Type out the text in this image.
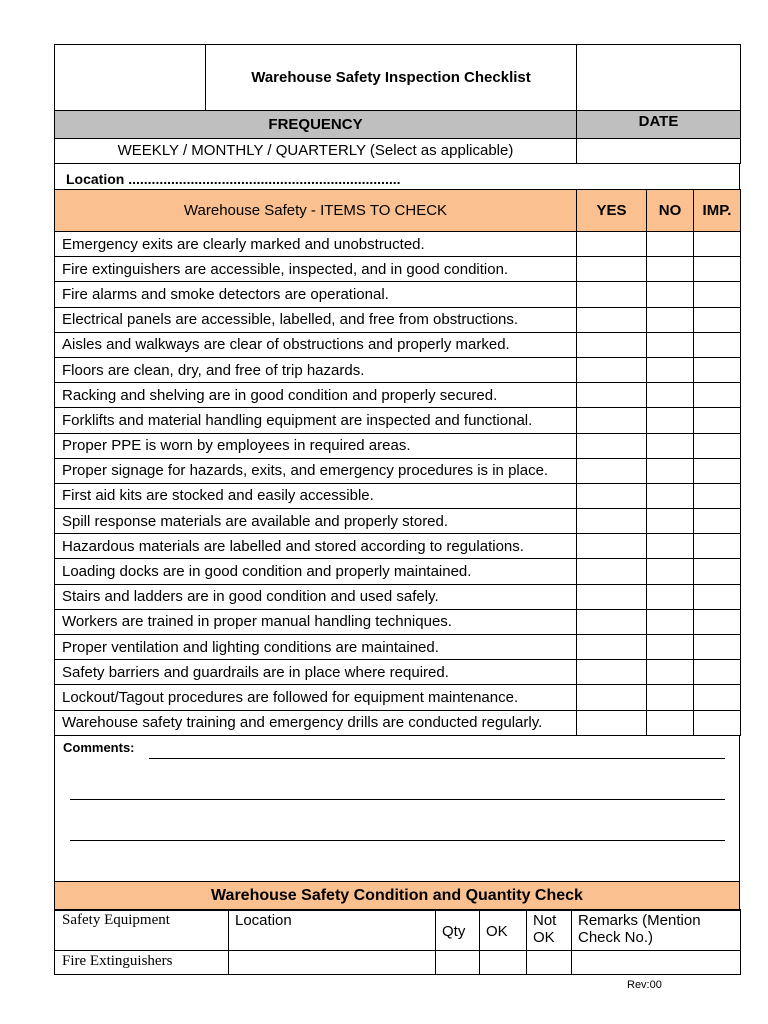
	Warehouse Safety Inspection Checklist	
FREQUENCY	DATE
WEEKLY / MONTHLY / QUARTERLY (Select as applicable)	
Location ......................................................................
Warehouse Safety - ITEMS TO CHECK	YES	NO	IMP.
Emergency exits are clearly marked and unobstructed.			
Fire extinguishers are accessible, inspected, and in good condition.			
Fire alarms and smoke detectors are operational.			
Electrical panels are accessible, labelled, and free from obstructions.			
Aisles and walkways are clear of obstructions and properly marked.			
Floors are clean, dry, and free of trip hazards.			
Racking and shelving are in good condition and properly secured.			
Forklifts and material handling equipment are inspected and functional.			
Proper PPE is worn by employees in required areas.			
Proper signage for hazards, exits, and emergency procedures is in place.			
First aid kits are stocked and easily accessible.			
Spill response materials are available and properly stored.			
Hazardous materials are labelled and stored according to regulations.			
Loading docks are in good condition and properly maintained.			
Stairs and ladders are in good condition and used safely.			
Workers are trained in proper manual handling techniques.			
Proper ventilation and lighting conditions are maintained.			
Safety barriers and guardrails are in place where required.			
Lockout/Tagout procedures are followed for equipment maintenance.			
Warehouse safety training and emergency drills are conducted regularly.			
Comments:
Warehouse Safety Condition and Quantity Check
Safety Equipment	Location	Qty	OK	Not OK	Remarks (Mention Check No.)
Fire Extinguishers					
Rev:00
